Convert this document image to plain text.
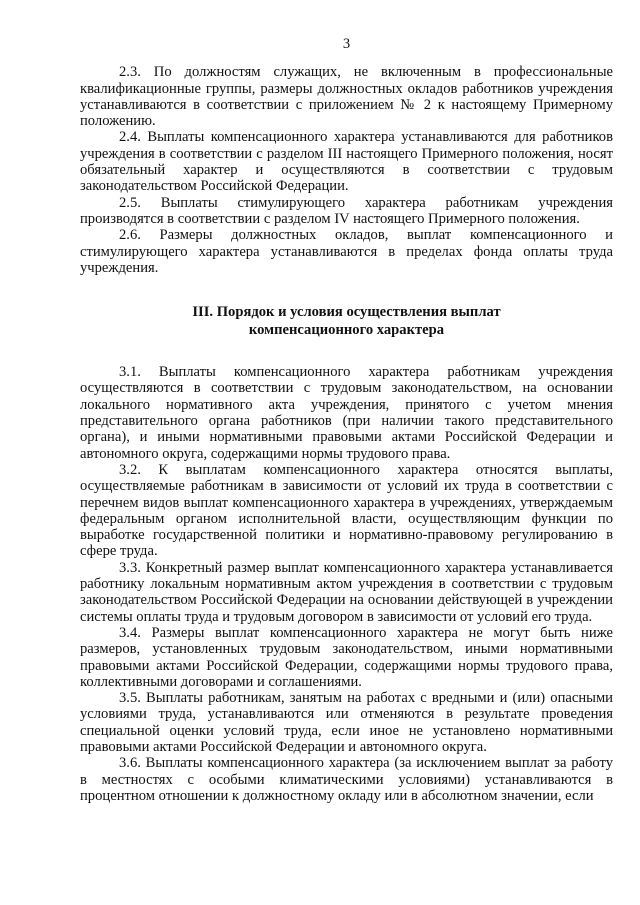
3

2.3. По должностям служащих, не включенным в профессиональные квалификационные группы, размеры должностных окладов работников учреждения устанавливаются в соответствии с приложением № 2 к настоящему Примерному положению.

2.4. Выплаты компенсационного характера устанавливаются для работников учреждения в соответствии с разделом III настоящего Примерного положения, носят обязательный характер и осуществляются в соответствии с трудовым законодательством Российской Федерации.

2.5. Выплаты стимулирующего характера работникам учреждения производятся в соответствии с разделом IV настоящего Примерного положения.

2.6. Размеры должностных окладов, выплат компенсационного и стимулирующего характера устанавливаются в пределах фонда оплаты труда учреждения.

III. Порядок и условия осуществления выплат
компенсационного характера

3.1. Выплаты компенсационного характера работникам учреждения осуществляются в соответствии с трудовым законодательством, на основании локального нормативного акта учреждения, принятого с учетом мнения представительного органа работников (при наличии такого представительного органа), и иными нормативными правовыми актами Российской Федерации и автономного округа, содержащими нормы трудового права.

3.2. К выплатам компенсационного характера относятся выплаты, осуществляемые работникам в зависимости от условий их труда в соответствии с перечнем видов выплат компенсационного характера в учреждениях, утверждаемым федеральным органом исполнительной власти, осуществляющим функции по выработке государственной политики и нормативно-правовому регулированию в сфере труда.

3.3. Конкретный размер выплат компенсационного характера устанавливается работнику локальным нормативным актом учреждения в соответствии с трудовым законодательством Российской Федерации на основании действующей в учреждении системы оплаты труда и трудовым договором в зависимости от условий его труда.

3.4. Размеры выплат компенсационного характера не могут быть ниже размеров, установленных трудовым законодательством, иными нормативными правовыми актами Российской Федерации, содержащими нормы трудового права, коллективными договорами и соглашениями.

3.5. Выплаты работникам, занятым на работах с вредными и (или) опасными условиями труда, устанавливаются или отменяются в результате проведения специальной оценки условий труда, если иное не установлено нормативными правовыми актами Российской Федерации и автономного округа.

3.6. Выплаты компенсационного характера (за исключением выплат за работу в местностях с особыми климатическими условиями) устанавливаются в процентном отношении к должностному окладу или в абсолютном значении, если
